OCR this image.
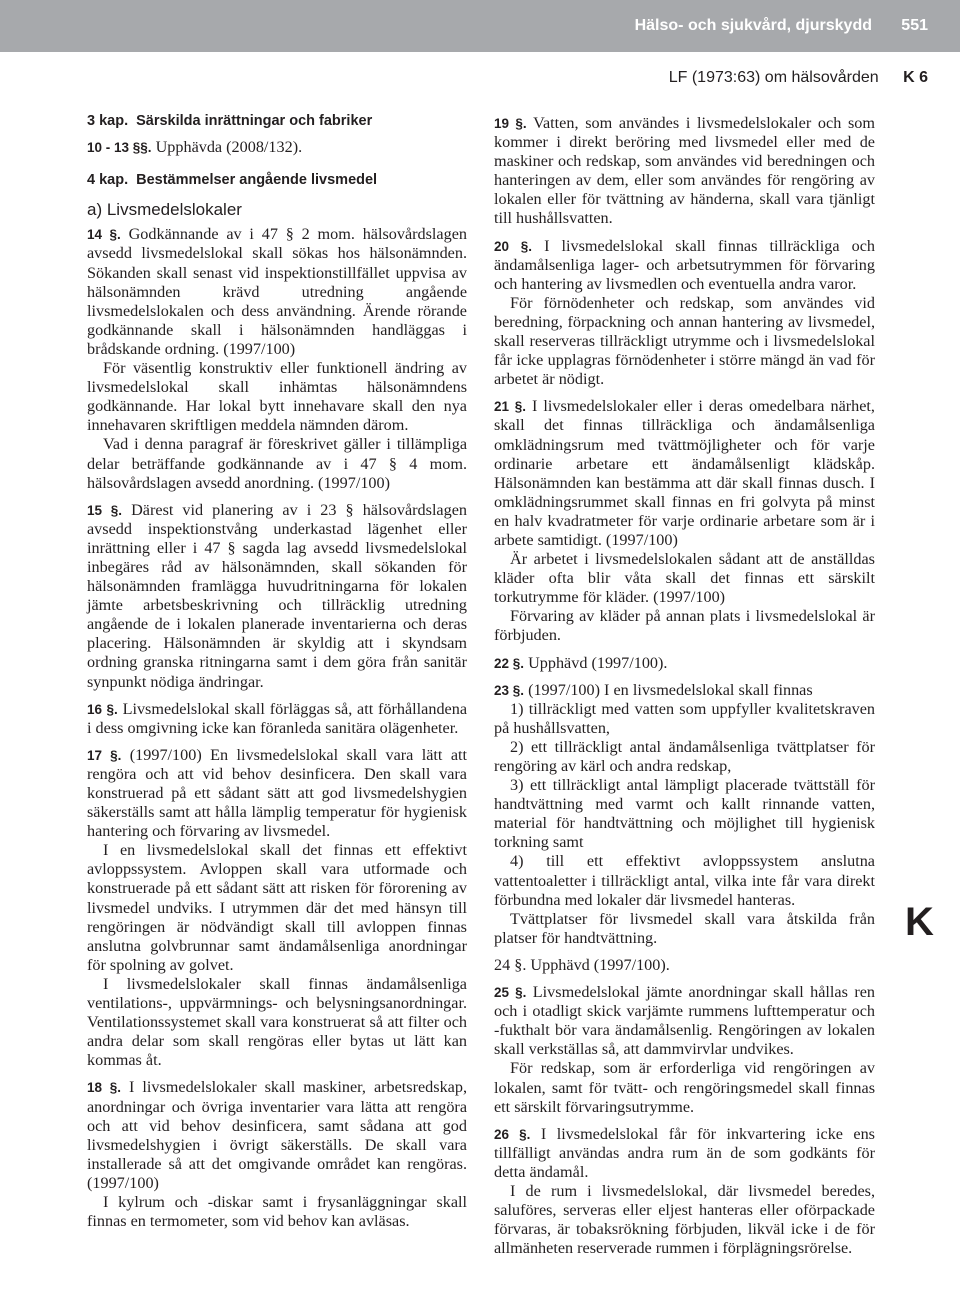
Hälso- och sjukvård, djurskydd 551
LF (1973:63) om hälsovården K 6
K

3 kap. Särskilda inrättningar och fabriker

10 - 13 §§. Upphävda (2008/132).

4 kap. Bestämmelser angående livsmedel

a) Livsmedelslokaler

14 §. Godkännande av i 47 § 2 mom. hälsovårdslagen avsedd livsmedelslokal skall sökas hos hälsonämnden. Sökanden skall senast vid inspektionstillfället uppvisa av hälsonämnden krävd utredning angående livsmedelslokalen och dess användning. Ärende rörande godkännande skall i hälsonämnden handläggas i brådskande ordning. (1997/100)

För väsentlig konstruktiv eller funktionell ändring av livsmedelslokal skall inhämtas hälsonämndens godkännande. Har lokal bytt innehavare skall den nya innehavaren skriftligen meddela nämnden därom.

Vad i denna paragraf är föreskrivet gäller i tillämpliga delar beträffande godkännande av i 47 § 4 mom. hälsovårdslagen avsedd anordning. (1997/100)

15 §. Därest vid planering av i 23 § hälsovårdslagen avsedd inspektionstvång underkastad lägenhet eller inrättning eller i 47 § sagda lag avsedd livsmedelslokal inbegäres råd av hälsonämnden, skall sökanden för hälsonämnden framlägga huvudritningarna för lokalen jämte arbetsbeskrivning och tillräcklig utredning angående de i lokalen planerade inventarierna och deras placering. Hälsonämnden är skyldig att i skyndsam ordning granska ritningarna samt i dem göra från sanitär synpunkt nödiga ändringar.

16 §. Livsmedelslokal skall förläggas så, att förhållandena i dess omgivning icke kan föranleda sanitära olägenheter.

17 §. (1997/100) En livsmedelslokal skall vara lätt att rengöra och att vid behov desinficera. Den skall vara konstruerad på ett sådant sätt att god livsmedelshygien säkerställs samt att hålla lämplig temperatur för hygienisk hantering och förvaring av livsmedel.

I en livsmedelslokal skall det finnas ett effektivt avloppssystem. Avloppen skall vara utformade och konstruerade på ett sådant sätt att risken för förorening av livsmedel undviks. I utrymmen där det med hänsyn till rengöringen är nödvändigt skall till avloppen finnas anslutna golvbrunnar samt ändamålsenliga anordningar för spolning av golvet.

I livsmedelslokaler skall finnas ändamålsenliga ventilations-, uppvärmnings- och belysningsanordningar. Ventilationssystemet skall vara konstruerat så att filter och andra delar som skall rengöras eller bytas ut lätt kan kommas åt.

18 §. I livsmedelslokaler skall maskiner, arbetsredskap, anordningar och övriga inventarier vara lätta att rengöra och att vid behov desinficera, samt sådana att god livsmedelshygien i övrigt säkerställs. De skall vara installerade så att det omgivande området kan rengöras. (1997/100)

I kylrum och -diskar samt i frysanläggningar skall finnas en termometer, som vid behov kan avläsas.

19 §. Vatten, som användes i livsmedelslokaler och som kommer i direkt beröring med livsmedel eller med de maskiner och redskap, som användes vid beredningen och hanteringen av dem, eller som användes för rengöring av lokalen eller för tvättning av händerna, skall vara tjänligt till hushållsvatten.

20 §. I livsmedelslokal skall finnas tillräckliga och ändamålsenliga lager- och arbetsutrymmen för förvaring och hantering av livsmedlen och eventuella andra varor.

För förnödenheter och redskap, som användes vid beredning, förpackning och annan hantering av livsmedel, skall reserveras tillräckligt utrymme och i livsmedelslokal får icke upplagras förnödenheter i större mängd än vad för arbetet är nödigt.

21 §. I livsmedelslokaler eller i deras omedelbara närhet, skall det finnas tillräckliga och ändamålsenliga omklädningsrum med tvättmöjligheter och för varje ordinarie arbetare ett ändamålsenligt klädskåp. Hälsonämnden kan bestämma att där skall finnas dusch. I omklädningsrummet skall finnas en fri golvyta på minst en halv kvadratmeter för varje ordinarie arbetare som är i arbete samtidigt. (1997/100)

Är arbetet i livsmedelslokalen sådant att de anställdas kläder ofta blir våta skall det finnas ett särskilt torkutrymme för kläder. (1997/100)

Förvaring av kläder på annan plats i livsmedelslokal är förbjuden.

22 §. Upphävd (1997/100).

23 §. (1997/100) I en livsmedelslokal skall finnas

1) tillräckligt med vatten som uppfyller kvalitetskraven på hushållsvatten,

2) ett tillräckligt antal ändamålsenliga tvättplatser för rengöring av kärl och andra redskap,

3) ett tillräckligt antal lämpligt placerade tvättställ för handtvättning med varmt och kallt rinnande vatten, material för handtvättning och möjlighet till hygienisk torkning samt

4) till ett effektivt avloppssystem anslutna vattentoaletter i tillräckligt antal, vilka inte får vara direkt förbundna med lokaler där livsmedel hanteras.

Tvättplatser för livsmedel skall vara åtskilda från platser för handtvättning.

24 §. Upphävd (1997/100).

25 §. Livsmedelslokal jämte anordningar skall hållas ren och i otadligt skick varjämte rummens lufttemperatur och -fukthalt bör vara ändamålsenlig. Rengöringen av lokalen skall verkställas så, att dammvirvlar undvikes.

För redskap, som är erforderliga vid rengöringen av lokalen, samt för tvätt- och rengöringsmedel skall finnas ett särskilt förvaringsutrymme.

26 §. I livsmedelslokal får för inkvartering icke ens tillfälligt användas andra rum än de som godkänts för detta ändamål.

I de rum i livsmedelslokal, där livsmedel beredes, saluföres, serveras eller eljest hanteras eller oförpackade förvaras, är tobaksrökning förbjuden, likväl icke i de för allmänheten reserverade rummen i förplägningsrörelse.
